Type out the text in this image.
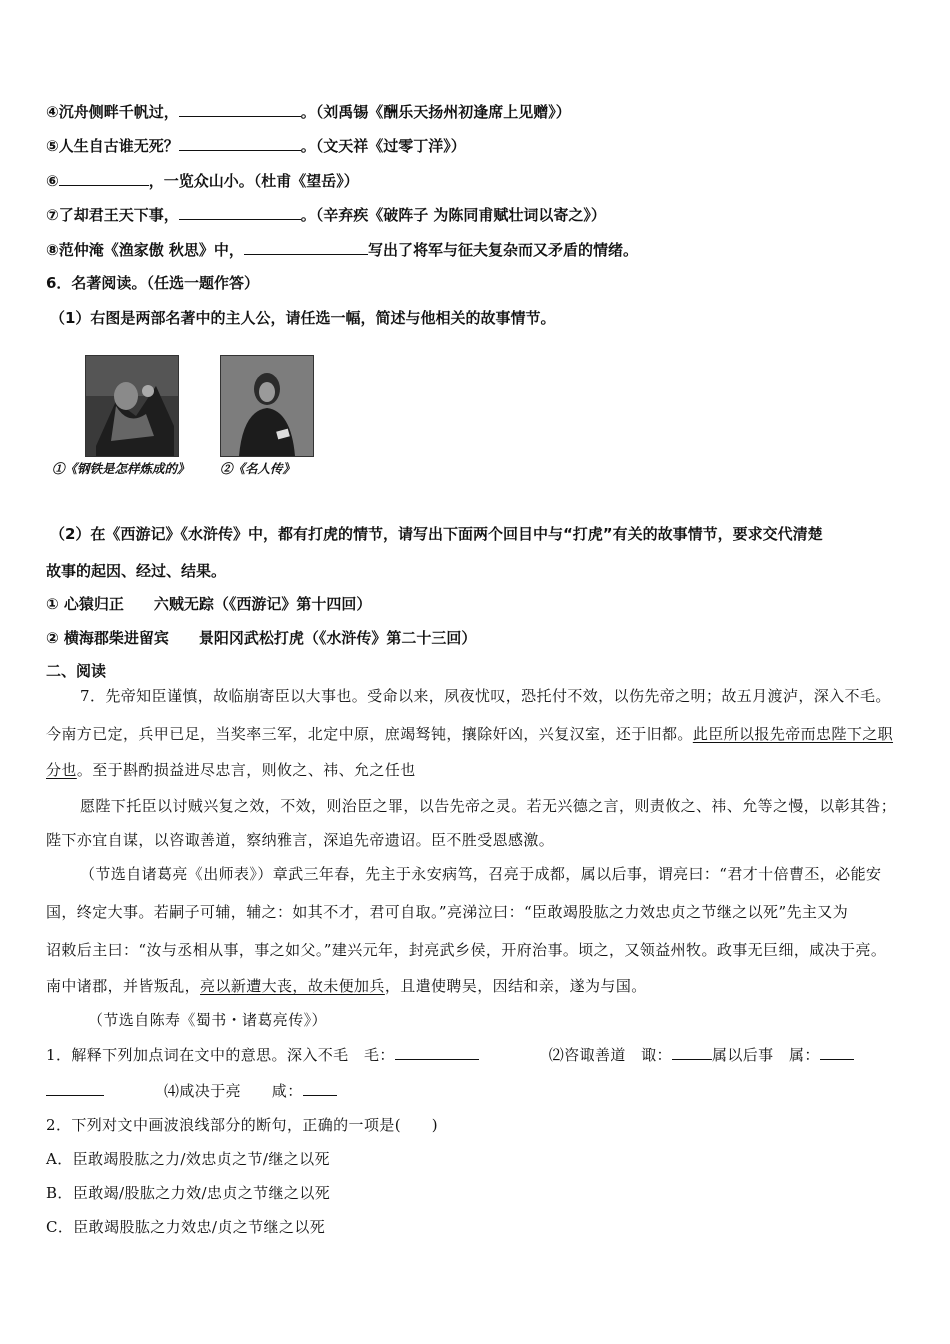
④沉舟侧畔千帆过，	。（刘禹锡《酬乐天扬州初逢席上见赠》）
⑤人生自古谁无死？	。（文天祥《过零丁洋》）
⑥	，一览众山小。（杜甫《望岳》）
⑦了却君王天下事，	。（辛弃疾《破阵子 为陈同甫赋壮词以寄之》）
⑧范仲淹《渔家傲 秋思》中，	写出了将军与征夫复杂而又矛盾的情绪。
6．名著阅读。（任选一题作答）
（1）右图是两部名著中的主人公，请任选一幅，简述与他相关的故事情节。
①《钢铁是怎样炼成的》 ②《名人传》
（2）在《西游记》《水浒传》中，都有打虎的情节，请写出下面两个回目中与“打虎”有关的故事情节，要求交代清楚
故事的起因、经过、结果。
① 心猿归正　　六贼无踪（《西游记》第十四回）
② 横海郡柴进留宾　　景阳冈武松打虎（《水浒传》第二十三回）
二、阅读
7．先帝知臣谨慎，故临崩寄臣以大事也。受命以来，夙夜忧叹，恐托付不效，以伤先帝之明；故五月渡泸，深入不毛。
今南方已定，兵甲已足，当奖率三军，北定中原，庶竭驽钝，攘除奸凶，兴复汉室，还于旧都。此臣所以报先帝而忠陛下之职
分也。至于斟酌损益进尽忠言，则攸之、祎、允之任也
愿陛下托臣以讨贼兴复之效，不效，则治臣之罪，以告先帝之灵。若无兴德之言，则责攸之、祎、允等之慢，以彰其咎；
陛下亦宜自谋，以咨诹善道，察纳雅言，深追先帝遗诏。臣不胜受恩感激。
（节选自诸葛亮《出师表》）章武三年春，先主于永安病笃，召亮于成都，属以后事，谓亮曰：“君才十倍曹丕，必能安
国，终定大事。若嗣子可辅，辅之：如其不才，君可自取。”亮涕泣曰：“臣敢竭股肱之力效忠贞之节继之以死”先主又为
诏敕后主曰：“汝与丞相从事，事之如父。”建兴元年，封亮武乡侯，开府治事。顷之，又领益州牧。政事无巨细，咸决于亮。
南中诸郡，并皆叛乱，亮以新遭大丧，故未便加兵，且遣使聘吴，因结和亲，遂为与国。
（节选自陈寿《蜀书・诸葛亮传》）
1．解释下列加点词在文中的意思。深入不毛　毛：	⑵咨诹善道　诹：	属以后事　属：
⑷咸决于亮　　咸：
2．下列对文中画波浪线部分的断句，正确的一项是(　　)
A．臣敢竭股肱之力/效忠贞之节/继之以死
B．臣敢竭/股肱之力效/忠贞之节继之以死
C．臣敢竭股肱之力效忠/贞之节继之以死
